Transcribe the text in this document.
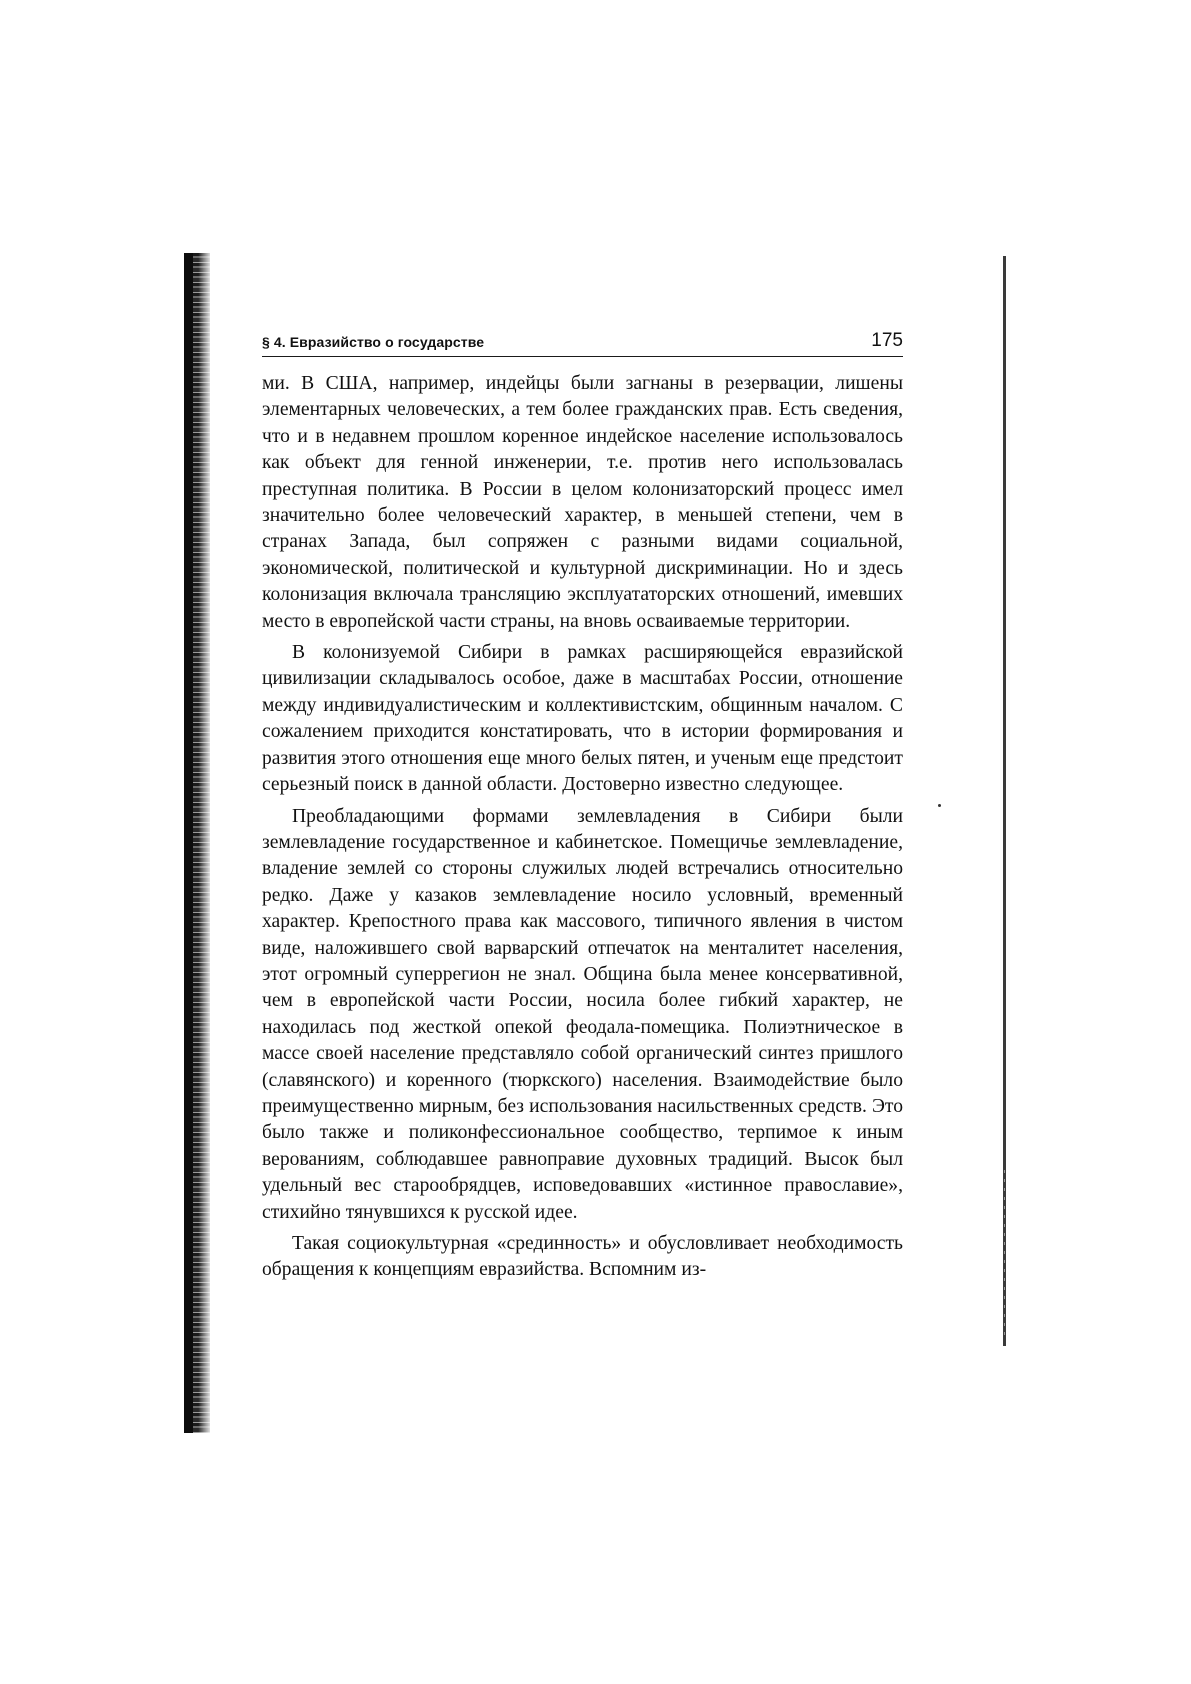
§ 4. Евразийство о государстве	175

ми. В США, например, индейцы были загнаны в резервации, лишены элементарных человеческих, а тем более гражданских прав. Есть сведения, что и в недавнем прошлом коренное индейское население использовалось как объект для генной инженерии, т.е. против него использовалась преступная политика. В России в целом колонизаторский процесс имел значительно более человеческий характер, в меньшей степени, чем в странах Запада, был сопряжен с разными видами социальной, экономической, политической и культурной дискриминации. Но и здесь колонизация включала трансляцию эксплуататорских отношений, имевших место в европейской части страны, на вновь осваиваемые территории.

В колонизуемой Сибири в рамках расширяющейся евразийской цивилизации складывалось особое, даже в масштабах России, отношение между индивидуалистическим и коллективистским, общинным началом. С сожалением приходится констатировать, что в истории формирования и развития этого отношения еще много белых пятен, и ученым еще предстоит серьезный поиск в данной области. Достоверно известно следующее.

Преобладающими формами землевладения в Сибири были землевладение государственное и кабинетское. Помещичье землевладение, владение землей со стороны служилых людей встречались относительно редко. Даже у казаков землевладение носило условный, временный характер. Крепостного права как массового, типичного явления в чистом виде, наложившего свой варварский отпечаток на менталитет населения, этот огромный суперрегион не знал. Община была менее консервативной, чем в европейской части России, носила более гибкий характер, не находилась под жесткой опекой феодала-помещика. Полиэтническое в массе своей население представляло собой органический синтез пришлого (славянского) и коренного (тюркского) населения. Взаимодействие было преимущественно мирным, без использования насильственных средств. Это было также и поликонфессиональное сообщество, терпимое к иным верованиям, соблюдавшее равноправие духовных традиций. Высок был удельный вес старообрядцев, исповедовавших «истинное православие», стихийно тянувшихся к русской идее.

Такая социокультурная «срединность» и обусловливает необходимость обращения к концепциям евразийства. Вспомним из-
